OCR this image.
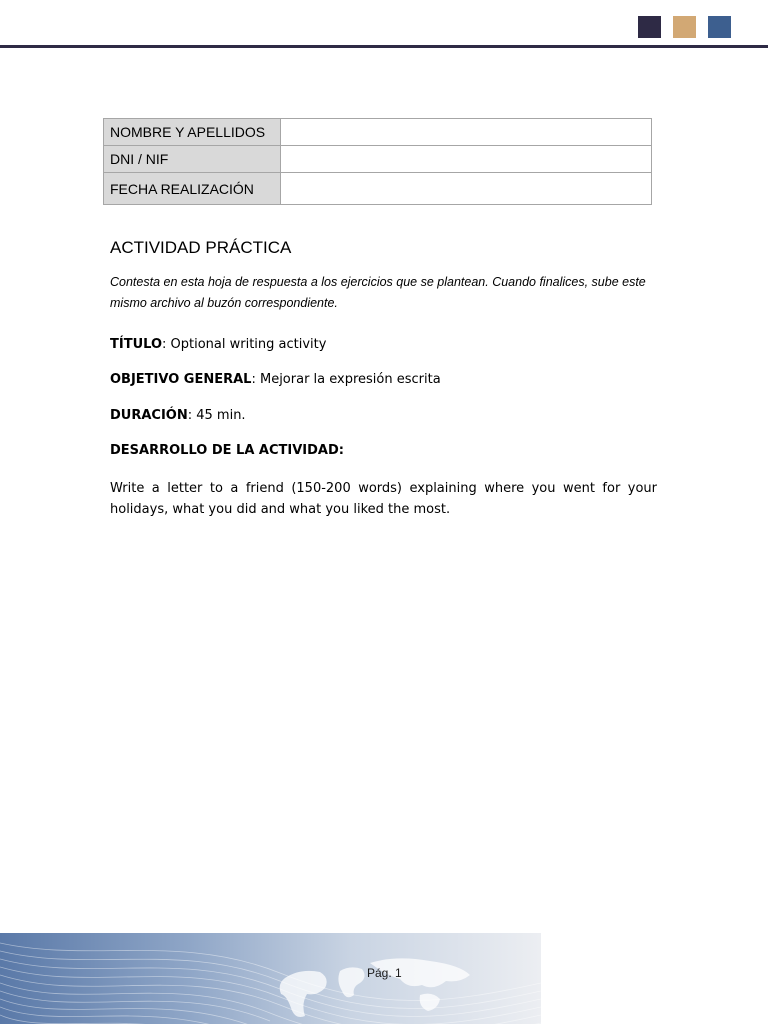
NOMBRE Y APELLIDOS	
DNI / NIF	
FECHA REALIZACIÓN	
ACTIVIDAD PRÁCTICA
Contesta en esta hoja de respuesta a los ejercicios que se plantean. Cuando finalices, sube este mismo archivo al buzón correspondiente.
TÍTULO: Optional writing activity
OBJETIVO GENERAL: Mejorar la expresión escrita
DURACIÓN: 45 min.
DESARROLLO DE LA ACTIVIDAD:
Write a letter to a friend (150-200 words) explaining where you went for your holidays, what you did and what you liked the most.
Pág. 1
